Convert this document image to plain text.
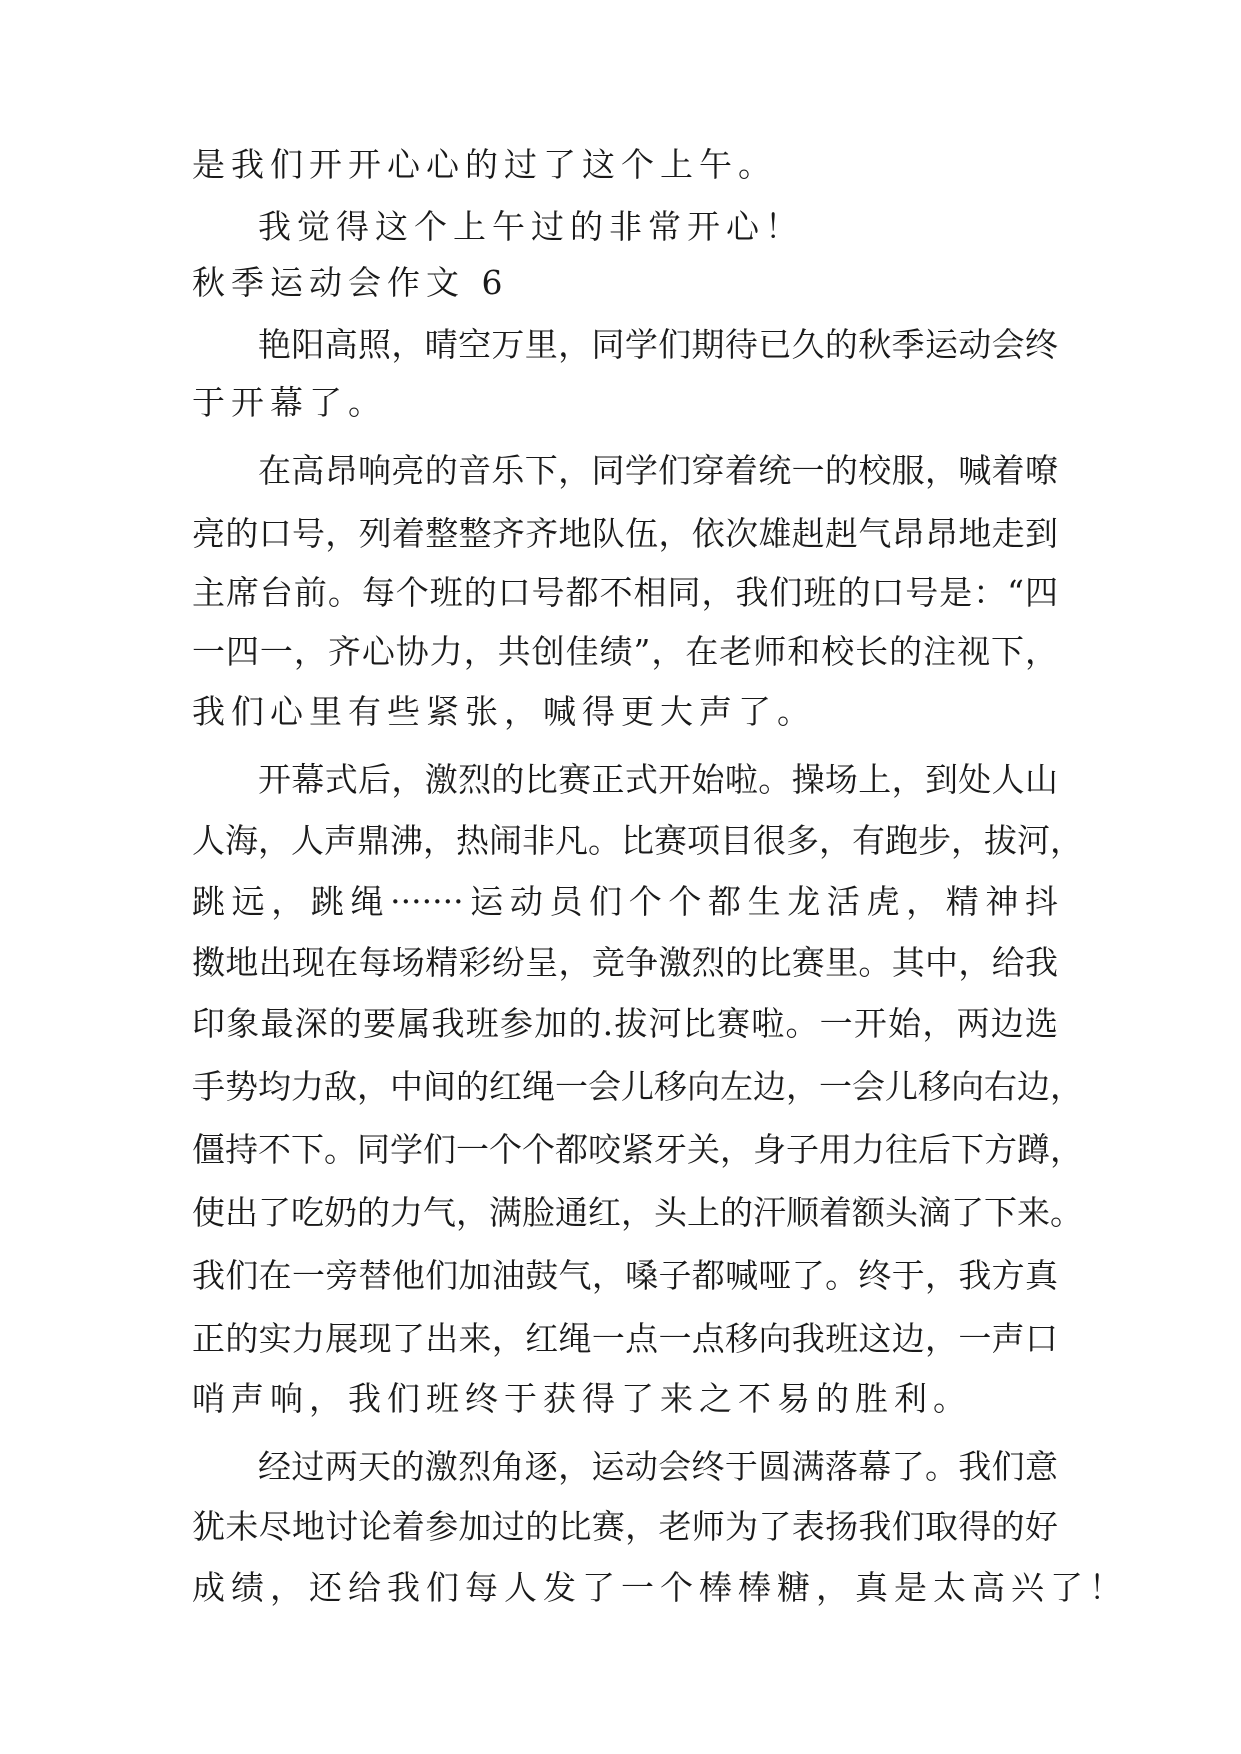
是我们开开心心的过了这个上午。
我觉得这个上午过的非常开心！
秋季运动会作文 6
艳阳高照，晴空万里，同学们期待已久的秋季运动会终
于开幕了。
在高昂响亮的音乐下，同学们穿着统一的校服，喊着嘹
亮的口号，列着整整齐齐地队伍，依次雄赳赳气昂昂地走到
主席台前。每个班的口号都不相同，我们班的口号是：“四
一四一，齐心协力，共创佳绩”，在老师和校长的注视下，
我们心里有些紧张，喊得更大声了。
开幕式后，激烈的比赛正式开始啦。操场上，到处人山
人海，人声鼎沸，热闹非凡。比赛项目很多，有跑步，拔河，
跳远，跳绳·······运动员们个个都生龙活虎，精神抖
擞地出现在每场精彩纷呈，竞争激烈的比赛里。其中，给我
印象最深的要属我班参加的.拔河比赛啦。一开始，两边选
手势均力敌，中间的红绳一会儿移向左边，一会儿移向右边，
僵持不下。同学们一个个都咬紧牙关，身子用力往后下方蹲，
使出了吃奶的力气，满脸通红，头上的汗顺着额头滴了下来。
我们在一旁替他们加油鼓气，嗓子都喊哑了。终于，我方真
正的实力展现了出来，红绳一点一点移向我班这边，一声口
哨声响，我们班终于获得了来之不易的胜利。
经过两天的激烈角逐，运动会终于圆满落幕了。我们意
犹未尽地讨论着参加过的比赛，老师为了表扬我们取得的好
成绩，还给我们每人发了一个棒棒糖，真是太高兴了！
